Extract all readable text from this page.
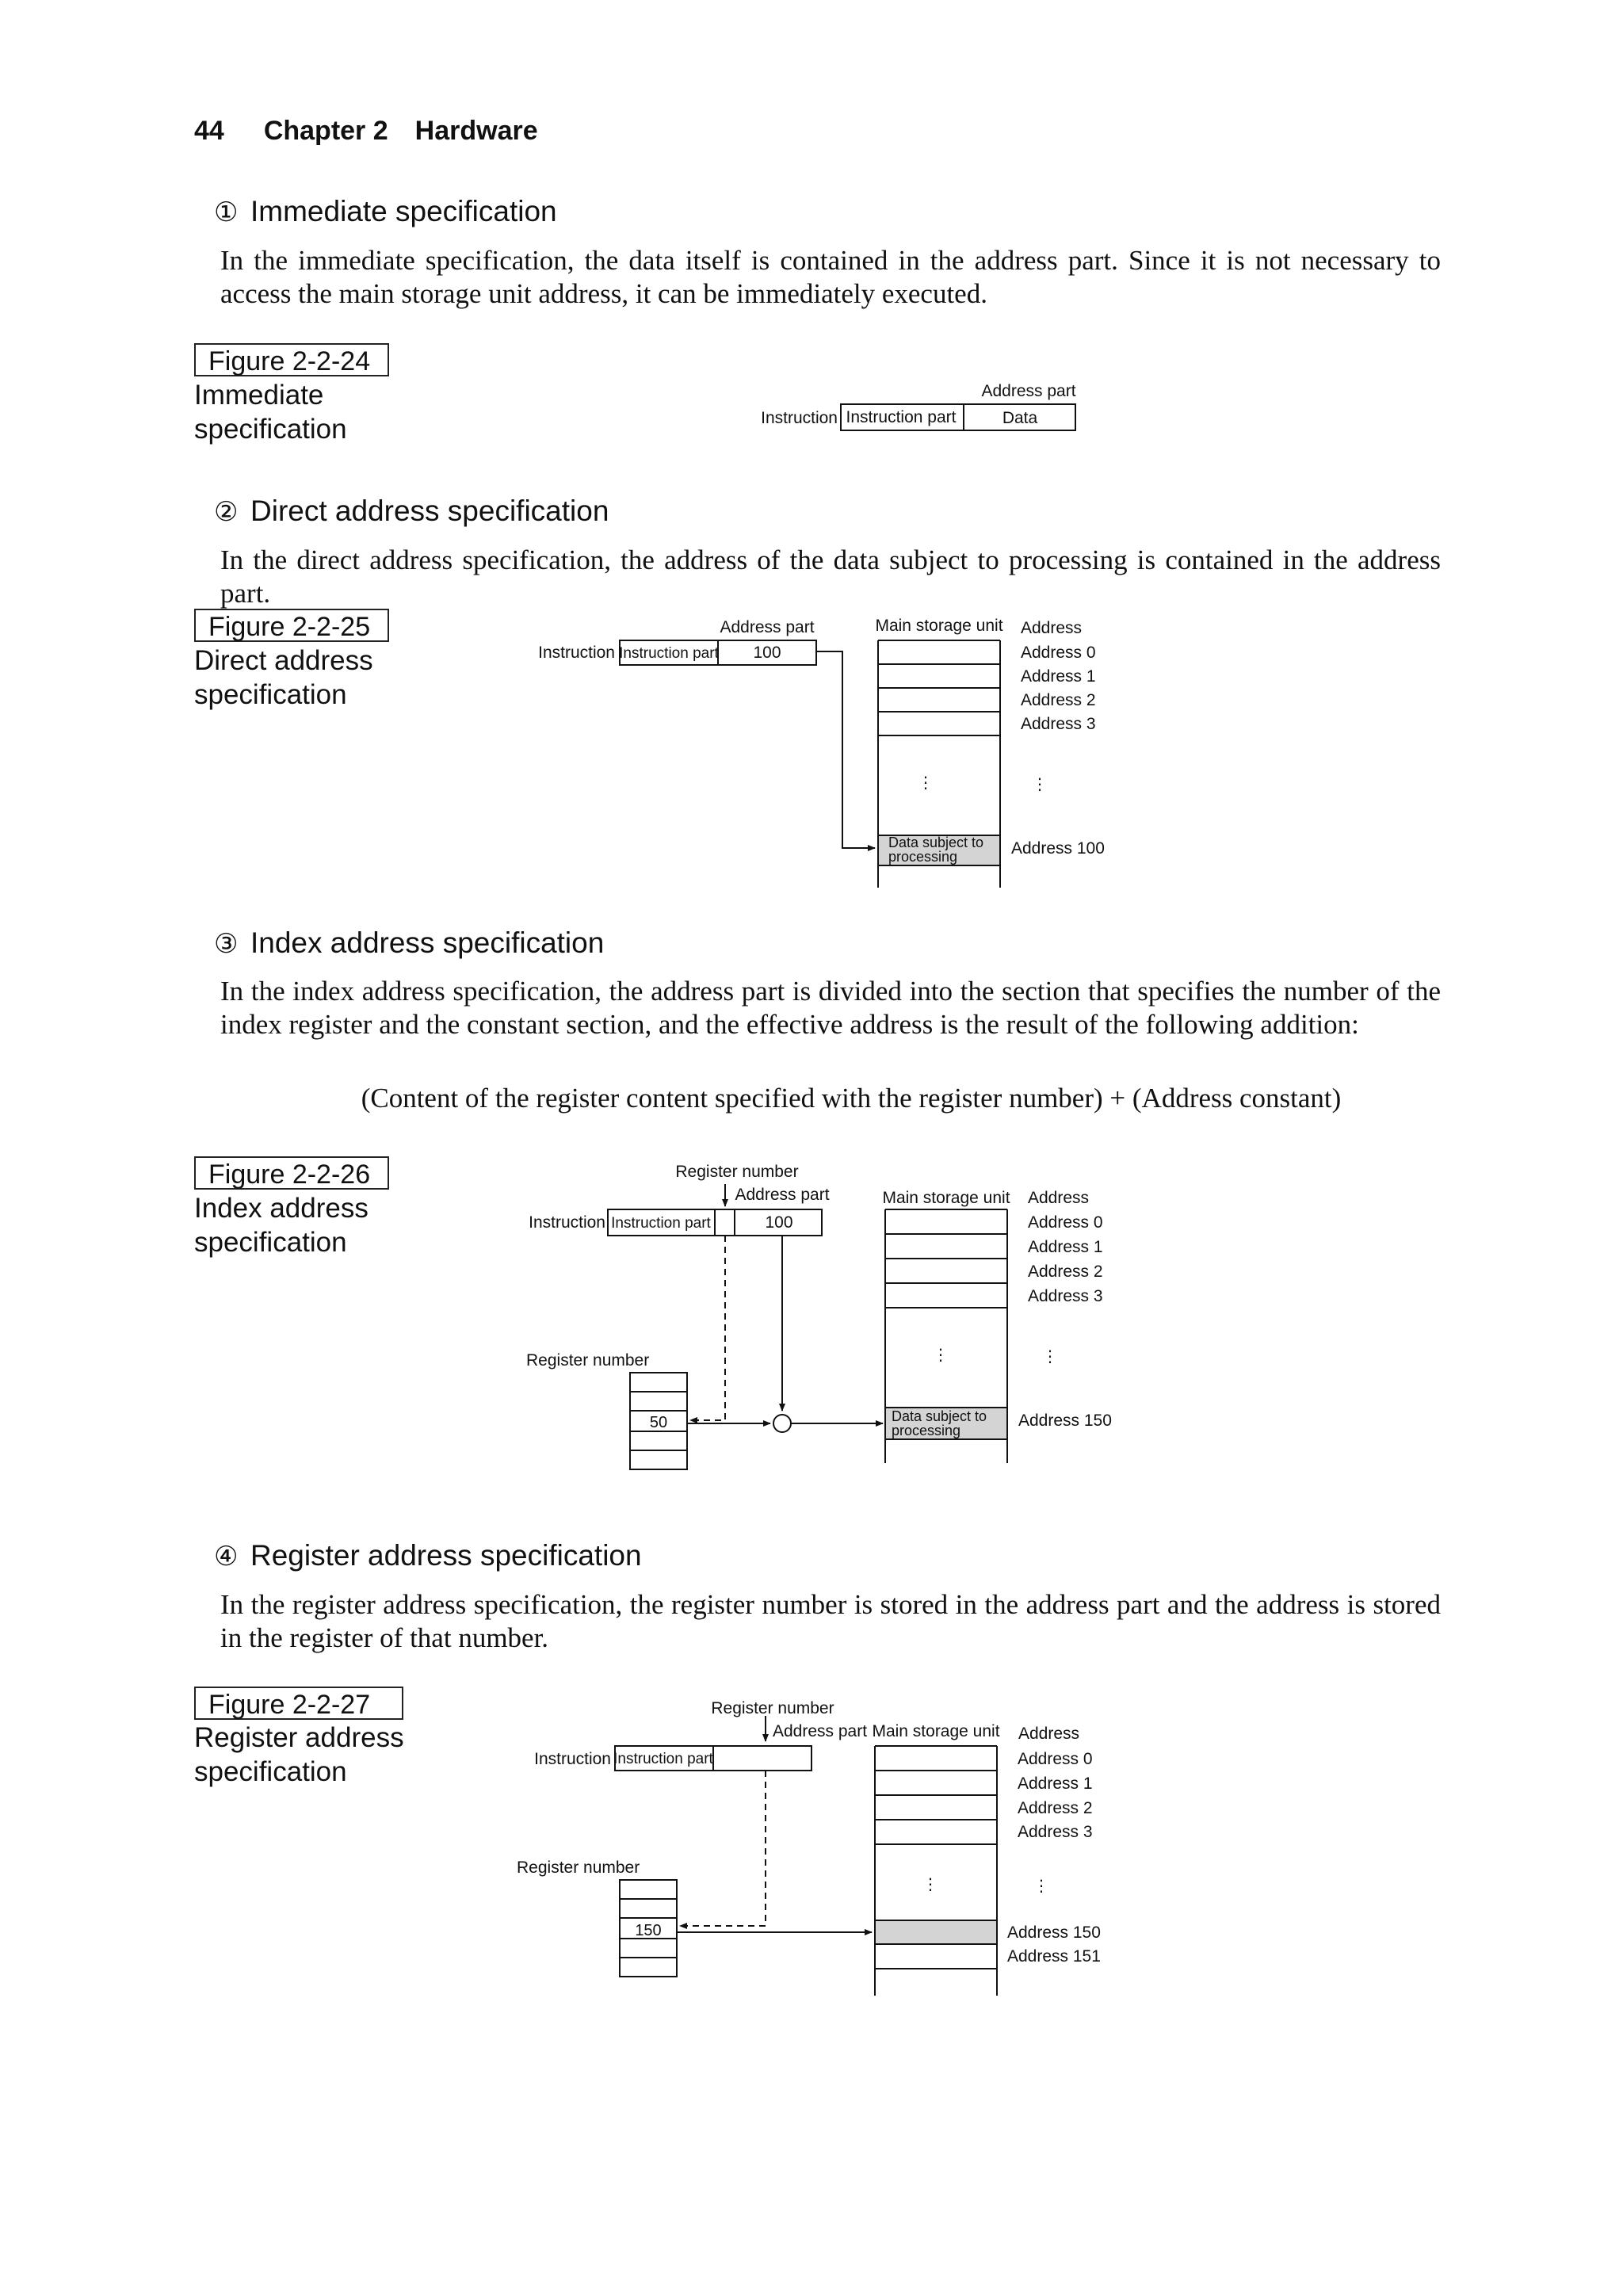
44 Chapter 2 Hardware
① Immediate specification
In the immediate specification, the data itself is contained in the address part. Since it is not necessary to access the main storage unit address, it can be immediately executed.
Figure 2-2-24
Immediate
specification
② Direct address specification
In the direct address specification, the address of the data subject to processing is contained in the address part.
Figure 2-2-25
Direct address
specification
③ Index address specification
In the index address specification, the address part is divided into the section that specifies the number of the index register and the constant section, and the effective address is the result of the following addition:
(Content of the register content specified with the register number) + (Address constant)
Figure 2-2-26
Index address
specification
④ Register address specification
In the register address specification, the register number is stored in the address part and the address is stored in the register of that number.
Figure 2-2-27
Register address
specification
Address part
Instruction Instruction part	Data
Address part
Instruction Instruction part 100
Main storage unit Address
Address 0
Address 1
Address 2
Address 3
⋮	⋮
Data subject to
processing	Address 100
Register number
Address part
Instruction Instruction part	100
Main storage unit Address
Address 0
Address 1
Address 2
Address 3
⋮	⋮
Register number
50	Data subject to
processing
Address 150
Register number
Address part
Instruction Instruction part
Main storage unit Address
Address 0
Address 1
Address 2
Address 3
⋮	⋮
Register number
150	Address 150
Address 151
